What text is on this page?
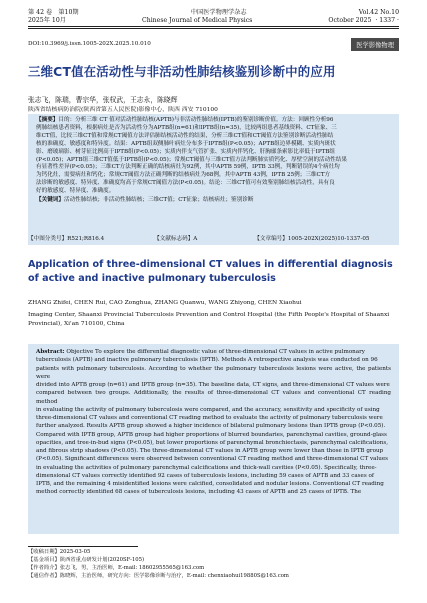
第 42 卷　第10期	中国医学物理学杂志	Vol.42 No.10
2025年 10月	Chinese Journal of Medical Physics	October 2025 · 1337 ·
DOI:10.3969/j.issn.1005-202X.2025.10.010	医学影像物理
三维CT值在活动性与非活动性肺结核鉴别诊断中的应用
张志飞，陈瑞，曹宗华，张权武，王志永，陈晓辉
陕西省结核病防治院(陕西省第五人民医院)影像中心，陕西 西安 710100

【摘要】目的：分析三维 CT 值对活动性肺结核(APTB)与非活动性肺结核(IPTB)的鉴别诊断价值。方法：回顾性分析96
例肺结核患者资料，根据病灶是否为活动性分为APTB组(n=61)和IPTB组(n=35)，比较两组患者基线资料、CT征象、三
维CT值，比较三维CT值和常规CT阈值方法评估肺结核活动性的结果，分析三维CT值和CT阈值方法鉴别诊断活动性肺结
核的准确度、敏感度和特异度。结果：APTB组双侧肺叶病灶分布多于IPTB组(P<0.05)；APTB组边界模糊、实质内斑状
影、磨玻璃影、树芽征比例高于IPTB组(P<0.05)；实质内伴支气管扩张、实质内伴钙化、肝胸廓条索影比率低于IPTB组
(P<0.05)；APTB组三维CT值低于IPTB组(P<0.05)；常规CT阈值与三维CT值方法判断肺实质钙化、厚壁空洞的活动性结果
有显著性差异(P<0.05)；三维CT方法判断正确的结核病灶为92例，其中APTB 59例，IPTB 33例，判断错误的4个病灶均
为钙化灶，需要病灶和钙化；常规CT阈值方法正确判断的结核病灶为68例，其中APTB 43例，IPTB 25例；三维CT方
法诊断的敏感度、特异度、准确度均高于常规CT阈值方法(P<0.05)。结论：三维CT值可有效鉴别肺结核活动性，具有良
好的敏感度、特异度、准确度。

【关键词】活动性肺结核；非活动性肺结核；三维CT值；CT征象；结核病灶；鉴别诊断

【中图分类号】R521;R816.4	【文献标志码】A	【文章编号】1005-202X(2025)10-1337-05
Application of three-dimensional CT values in differential diagnosis of active and inactive pulmonary tuberculosis
ZHANG Zhifei, CHEN Rui, CAO Zonghua, ZHANG Quanwu, WANG Zhiyong, CHEN Xiaohui
Imaging Center, Shaanxi Provincial Tuberculosis Prevention and Control Hospital (the Fifth People's Hospital of Shaanxi Provincial), Xi'an 710100, China

Abstract: Objective To explore the differential diagnostic value of three-dimensional CT values in active pulmonary
tuberculosis (APTB) and inactive pulmonary tuberculosis (IPTB). Methods A retrospective analysis was conducted on 96
patients with pulmonary tuberculosis. According to whether the pulmonary tuberculosis lesions were active, the patients were
divided into APTB group (n=61) and IPTB group (n=35). The baseline data, CT signs, and three-dimensional CT values were
compared between two groups. Additionally, the results of three-dimensional CT values and conventional CT reading method
in evaluating the activity of pulmonary tuberculosis were compared, and the accuracy, sensitivity and specificity of using
three-dimensional CT values and conventional CT reading method to evaluate the activity of pulmonary tuberculosis were
further analyzed. Results APTB group showed a higher incidence of bilateral pulmonary lesions than IPTB group (P<0.05).
Compared with IPTB group, APTB group had higher proportions of blurred boundaries, parenchymal cavities, ground-glass
opacities, and tree-in-bud signs (P<0.05), but lower proportions of parenchymal bronchiectasis, parenchymal calcifications,
and fibrous strip shadows (P<0.05). The three-dimensional CT values in APTB group were lower than those in IPTB group
(P<0.05). Significant differences were observed between conventional CT reading method and three-dimensional CT values
in evaluating the activities of pulmonary parenchymal calcifications and thick-wall cavities (P<0.05). Specifically, three-
dimensional CT values correctly identified 92 cases of tuberculosis lesions, including 59 cases of APTB and 33 cases of
IPTB, and the remaining 4 misidentified lesions were calcified, consolidated and nodular lesions. Conventional CT reading
method correctly identified 68 cases of tuberculosis lesions, including 43 cases of APTB and 25 cases of IPTB. The

【收稿日期】2025-03-05
【基金项目】陕西省重点研发计划(2020SF-105)
【作者简介】张志飞，男，主治医师，E-mail: 18602955565@163.com
【通信作者】陈晓辉，主治医师，研究方向：医学影像诊断与治疗，E-mail: chenxiaohui19880S@163.com
